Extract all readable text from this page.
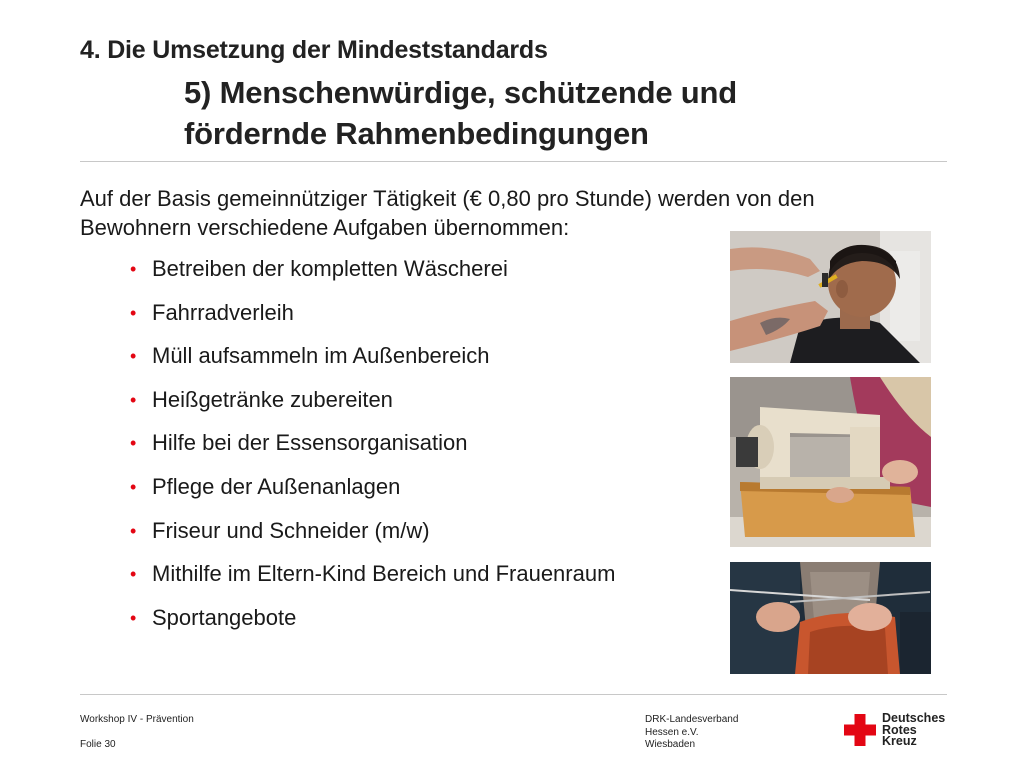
4. Die Umsetzung der Mindeststandards
5) Menschenwürdige, schützende und
fördernde Rahmenbedingungen
Auf der Basis gemeinnütziger Tätigkeit (€ 0,80 pro Stunde) werden von den
Bewohnern verschiedene Aufgaben übernommen:
• Betreiben der kompletten Wäscherei
• Fahrradverleih
• Müll aufsammeln im Außenbereich
• Heißgetränke zubereiten
• Hilfe bei der Essensorganisation
• Pflege der Außenanlagen
• Friseur und Schneider (m/w)
• Mithilfe im Eltern-Kind Bereich und Frauenraum
• Sportangebote
Workshop IV - Prävention
Folie 30
DRK-Landesverband
Hessen e.V.
Wiesbaden
Deutsches
Rotes
Kreuz
